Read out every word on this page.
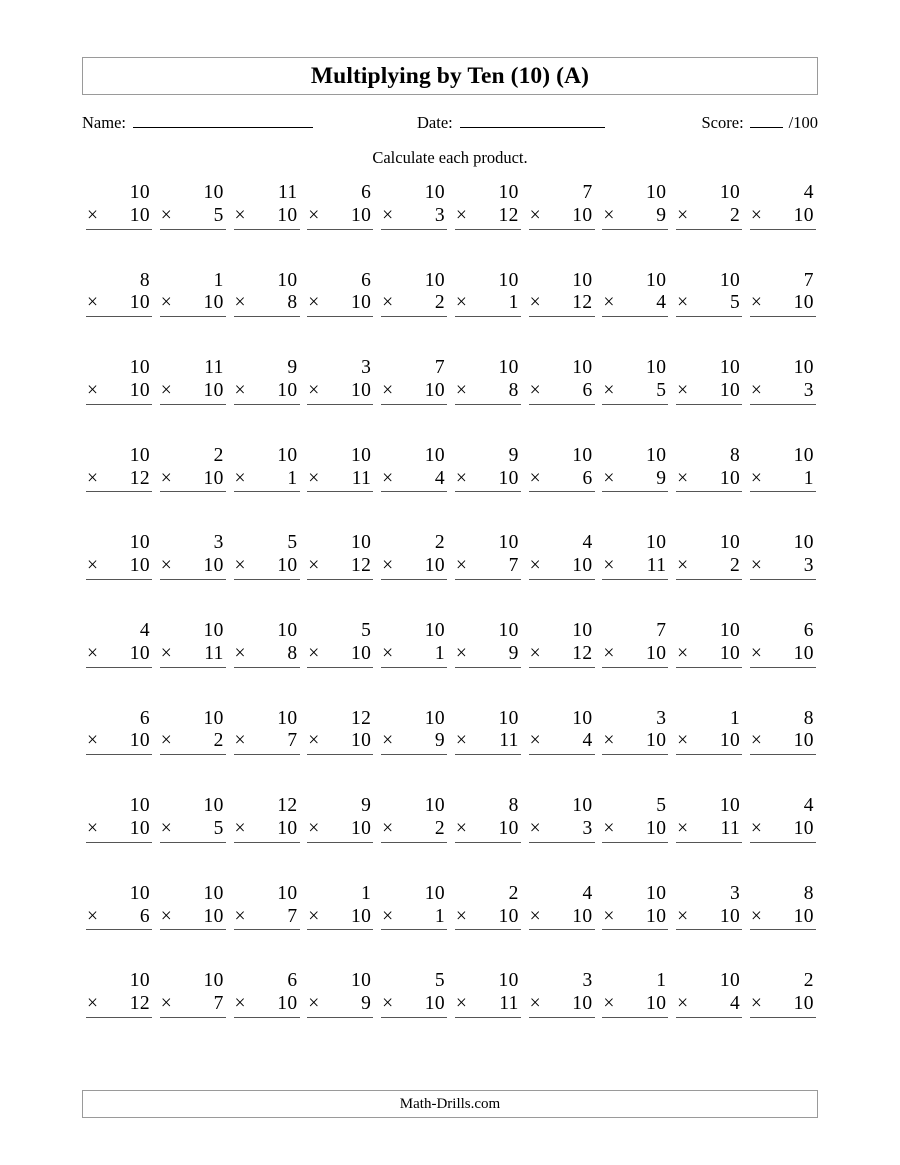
Multiplying by Ten (10) (A)
Name:	Date:	Score:	/100
Calculate each product.
10
× 10
10
× 5
11
× 10
6
× 10
10
× 3
10
× 12
7
× 10
10
× 9
10
× 2
4
× 10
8
× 10
1
× 10
10
× 8
6
× 10
10
× 2
10
× 1
10
× 12
10
× 4
10
× 5
7
× 10
10
× 10
11
× 10
9
× 10
3
× 10
7
× 10
10
× 8
10
× 6
10
× 5
10
× 10
10
× 3
10
× 12
2
× 10
10
× 1
10
× 11
10
× 4
9
× 10
10
× 6
10
× 9
8
× 10
10
× 1
10
× 10
3
× 10
5
× 10
10
× 12
2
× 10
10
× 7
4
× 10
10
× 11
10
× 2
10
× 3
4
× 10
10
× 11
10
× 8
5
× 10
10
× 1
10
× 9
10
× 12
7
× 10
10
× 10
6
× 10
6
× 10
10
× 2
10
× 7
12
× 10
10
× 9
10
× 11
10
× 4
3
× 10
1
× 10
8
× 10
10
× 10
10
× 5
12
× 10
9
× 10
10
× 2
8
× 10
10
× 3
5
× 10
10
× 11
4
× 10
10
× 6
10
× 10
10
× 7
1
× 10
10
× 1
2
× 10
4
× 10
10
× 10
3
× 10
8
× 10
10
× 12
10
× 7
6
× 10
10
× 9
5
× 10
10
× 11
3
× 10
1
× 10
10
× 4
2
× 10
Math-Drills.com
